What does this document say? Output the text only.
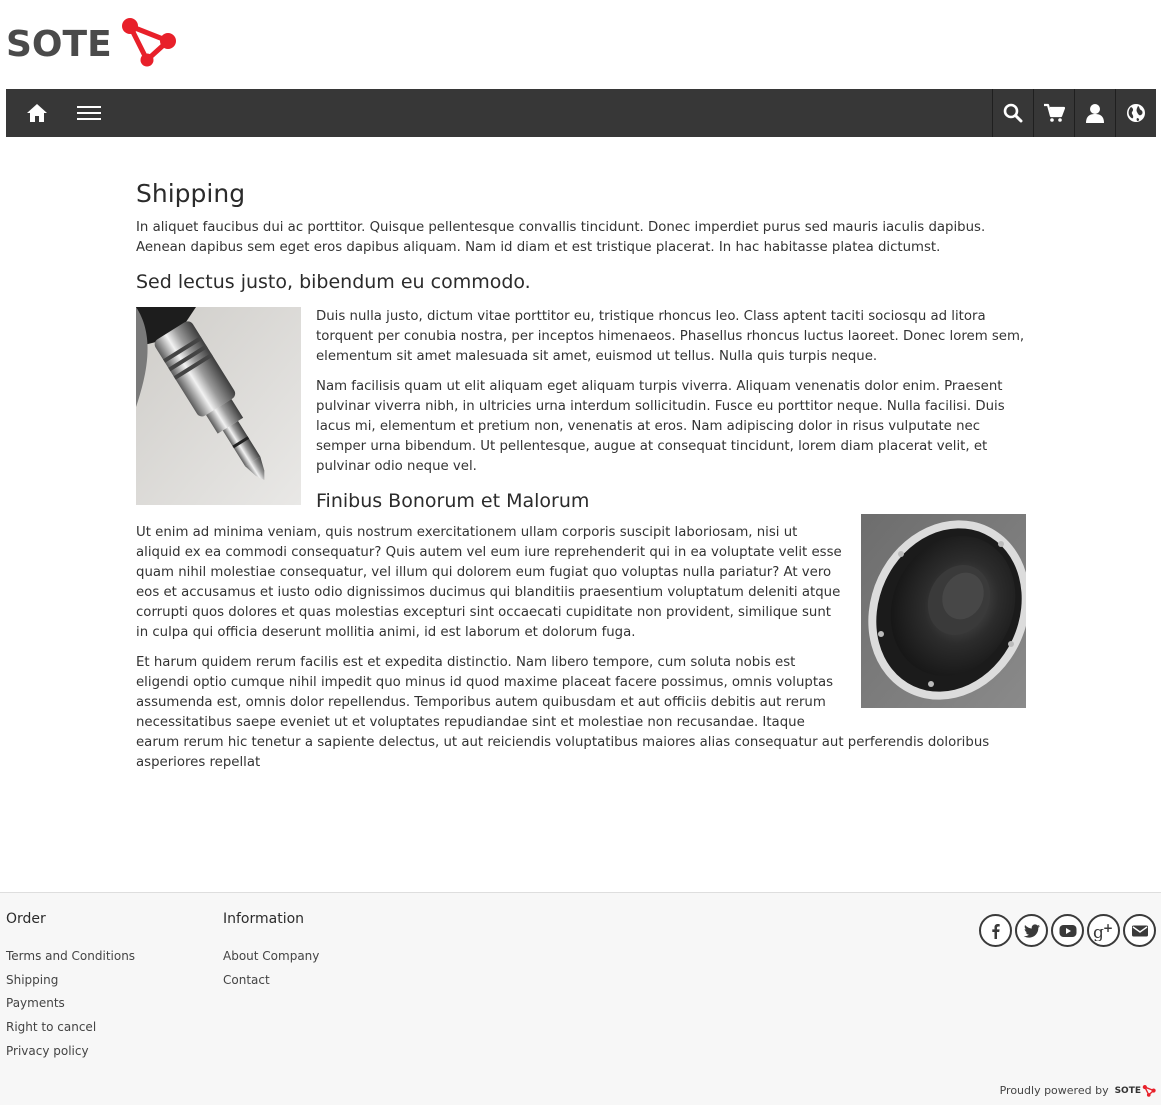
SOTE
Shipping

In aliquet faucibus dui ac porttitor. Quisque pellentesque convallis tincidunt. Donec imperdiet purus sed mauris iaculis dapibus. Aenean dapibus sem eget eros dapibus aliquam. Nam id diam et est tristique placerat. In hac habitasse platea dictumst.

Sed lectus justo, bibendum eu commodo.

Duis nulla justo, dictum vitae porttitor eu, tristique rhoncus leo. Class aptent taciti sociosqu ad litora torquent per conubia nostra, per inceptos himenaeos. Phasellus rhoncus luctus laoreet. Donec lorem sem, elementum sit amet malesuada sit amet, euismod ut tellus. Nulla quis turpis neque.

Nam facilisis quam ut elit aliquam eget aliquam turpis viverra. Aliquam venenatis dolor enim. Praesent pulvinar viverra nibh, in ultricies urna interdum sollicitudin. Fusce eu porttitor neque. Nulla facilisi. Duis lacus mi, elementum et pretium non, venenatis at eros. Nam adipiscing dolor in risus vulputate nec semper urna bibendum. Ut pellentesque, augue at consequat tincidunt, lorem diam placerat velit, et pulvinar odio neque vel.

Finibus Bonorum et Malorum

Ut enim ad minima veniam, quis nostrum exercitationem ullam corporis suscipit laboriosam, nisi ut aliquid ex ea commodi consequatur? Quis autem vel eum iure reprehenderit qui in ea voluptate velit esse quam nihil molestiae consequatur, vel illum qui dolorem eum fugiat quo voluptas nulla pariatur? At vero eos et accusamus et iusto odio dignissimos ducimus qui blanditiis praesentium voluptatum deleniti atque corrupti quos dolores et quas molestias excepturi sint occaecati cupiditate non provident, similique sunt in culpa qui officia deserunt mollitia animi, id est laborum et dolorum fuga.

Et harum quidem rerum facilis est et expedita distinctio. Nam libero tempore, cum soluta nobis est eligendi optio cumque nihil impedit quo minus id quod maxime placeat facere possimus, omnis voluptas assumenda est, omnis dolor repellendus. Temporibus autem quibusdam et aut officiis debitis aut rerum necessitatibus saepe eveniet ut et voluptates repudiandae sint et molestiae non recusandae. Itaque earum rerum hic tenetur a sapiente delectus, ut aut reiciendis voluptatibus maiores alias consequatur aut perferendis doloribus asperiores repellat

Order
Terms and Conditions
Shipping
Payments
Right to cancel
Privacy policy
Information
About Company
Contact
g +
Proudly powered by SOTE
